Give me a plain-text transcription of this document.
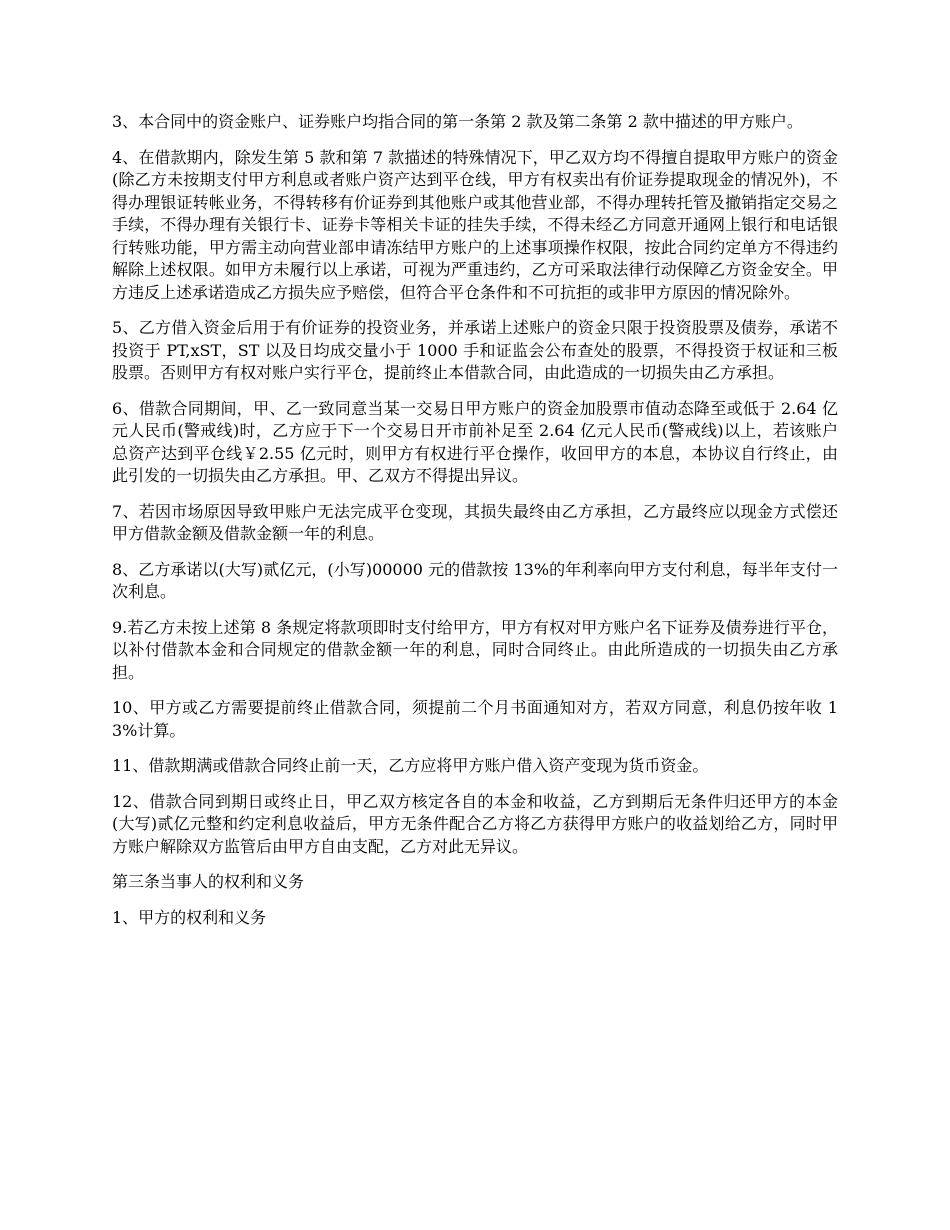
3、本合同中的资金账户、证券账户均指合同的第一条第 2 款及第二条第 2 款中描述的甲方账户。

4、在借款期内，除发生第 5 款和第 7 款描述的特殊情况下，甲乙双方均不得擅自提取甲方账户的资金(除乙方未按期支付甲方利息或者账户资产达到平仓线，甲方有权卖出有价证券提取现金的情况外)，不得办理银证转帐业务，不得转移有价证券到其他账户或其他营业部，不得办理转托管及撤销指定交易之手续，不得办理有关银行卡、证券卡等相关卡证的挂失手续，不得未经乙方同意开通网上银行和电话银行转账功能，甲方需主动向营业部申请冻结甲方账户的上述事项操作权限，按此合同约定单方不得违约解除上述权限。如甲方未履行以上承诺，可视为严重违约，乙方可采取法律行动保障乙方资金安全。甲方违反上述承诺造成乙方损失应予赔偿，但符合平仓条件和不可抗拒的或非甲方原因的情况除外。

5、乙方借入资金后用于有价证券的投资业务，并承诺上述账户的资金只限于投资股票及债券，承诺不投资于 PT,xST，ST 以及日均成交量小于 1000 手和证监会公布查处的股票，不得投资于权证和三板股票。否则甲方有权对账户实行平仓，提前终止本借款合同，由此造成的一切损失由乙方承担。

6、借款合同期间，甲、乙一致同意当某一交易日甲方账户的资金加股票市值动态降至或低于 2.64 亿元人民币(警戒线)时，乙方应于下一个交易日开市前补足至 2.64 亿元人民币(警戒线)以上，若该账户总资产达到平仓线￥2.55 亿元时，则甲方有权进行平仓操作，收回甲方的本息，本协议自行终止，由此引发的一切损失由乙方承担。甲、乙双方不得提出异议。

7、若因市场原因导致甲账户无法完成平仓变现，其损失最终由乙方承担，乙方最终应以现金方式偿还甲方借款金额及借款金额一年的利息。

8、乙方承诺以(大写)贰亿元，(小写)00000 元的借款按 13%的年利率向甲方支付利息，每半年支付一次利息。

9.若乙方未按上述第 8 条规定将款项即时支付给甲方，甲方有权对甲方账户名下证券及债券进行平仓，以补付借款本金和合同规定的借款金额一年的利息，同时合同终止。由此所造成的一切损失由乙方承担。

10、甲方或乙方需要提前终止借款合同，须提前二个月书面通知对方，若双方同意，利息仍按年收 13%计算。

11、借款期满或借款合同终止前一天，乙方应将甲方账户借入资产变现为货币资金。

12、借款合同到期日或终止日，甲乙双方核定各自的本金和收益，乙方到期后无条件归还甲方的本金(大写)贰亿元整和约定利息收益后，甲方无条件配合乙方将乙方获得甲方账户的收益划给乙方，同时甲方账户解除双方监管后由甲方自由支配，乙方对此无异议。

第三条当事人的权利和义务

1、甲方的权利和义务
